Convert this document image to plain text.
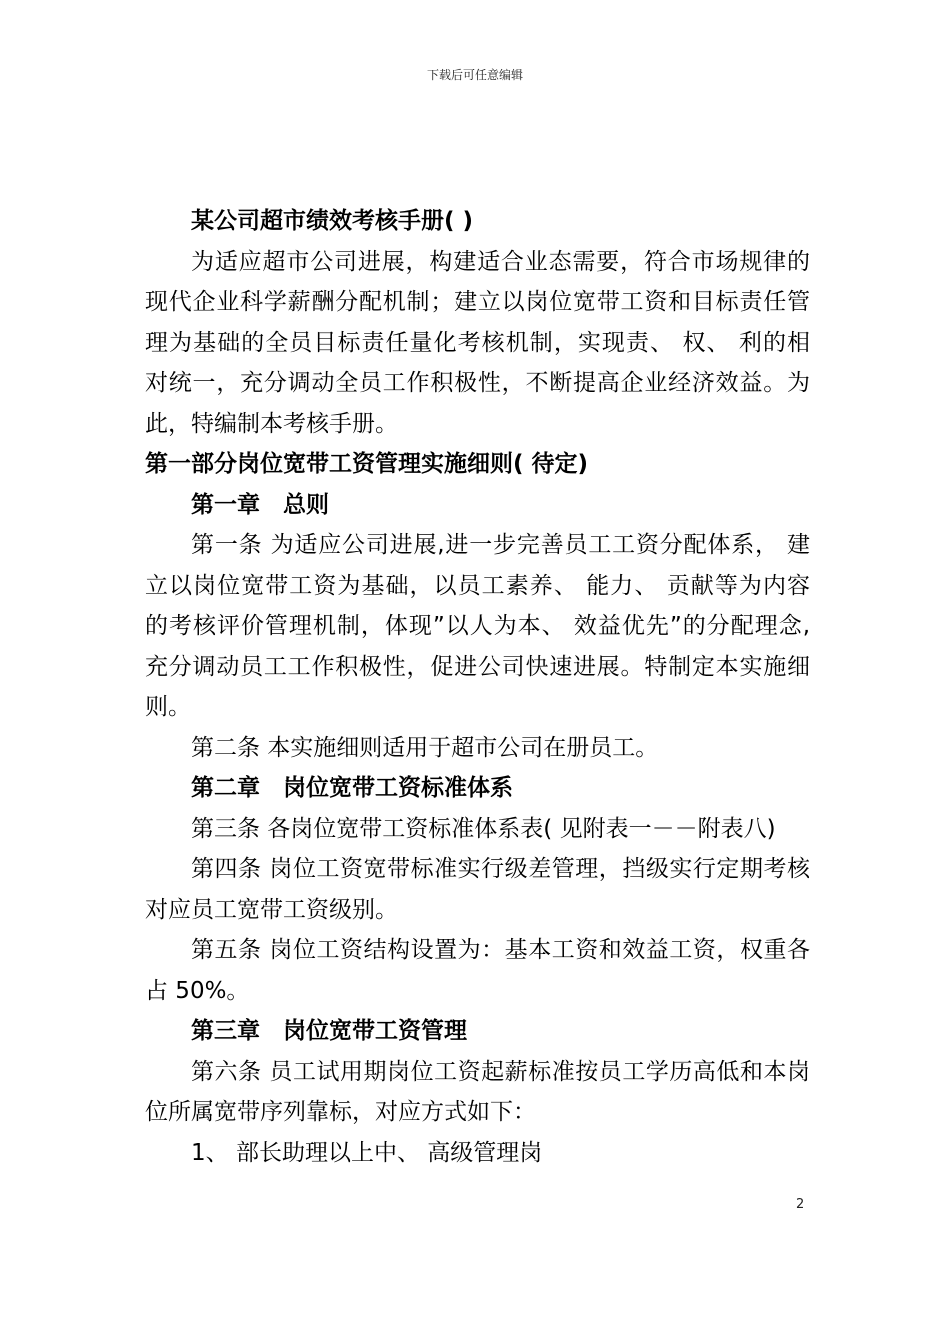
下载后可任意编辑
某公司超市绩效考核手册( )
为适应超市公司进展，构建适合业态需要，符合市场规律的
现代企业科学薪酬分配机制；建立以岗位宽带工资和目标责任管
理为基础的全员目标责任量化考核机制，实现责、 权、 利的相
对统一，充分调动全员工作积极性，不断提高企业经济效益。为
此，特编制本考核手册。
第一部分岗位宽带工资管理实施细则( 待定)
第一章　总则
第一条 为适应公司进展,进一步完善员工工资分配体系， 建
立以岗位宽带工资为基础，以员工素养、 能力、 贡献等为内容
的考核评价管理机制，体现”以人为本、 效益优先”的分配理念,
充分调动员工工作积极性，促进公司快速进展。特制定本实施细
则。
第二条 本实施细则适用于超市公司在册员工。
第二章　岗位宽带工资标准体系
第三条 各岗位宽带工资标准体系表( 见附表一－－附表八)
第四条 岗位工资宽带标准实行级差管理，挡级实行定期考核
对应员工宽带工资级别。
第五条 岗位工资结构设置为：基本工资和效益工资，权重各
占 50%。
第三章　岗位宽带工资管理
第六条 员工试用期岗位工资起薪标准按员工学历高低和本岗
位所属宽带序列靠标，对应方式如下：
1、 部长助理以上中、 高级管理岗
2
